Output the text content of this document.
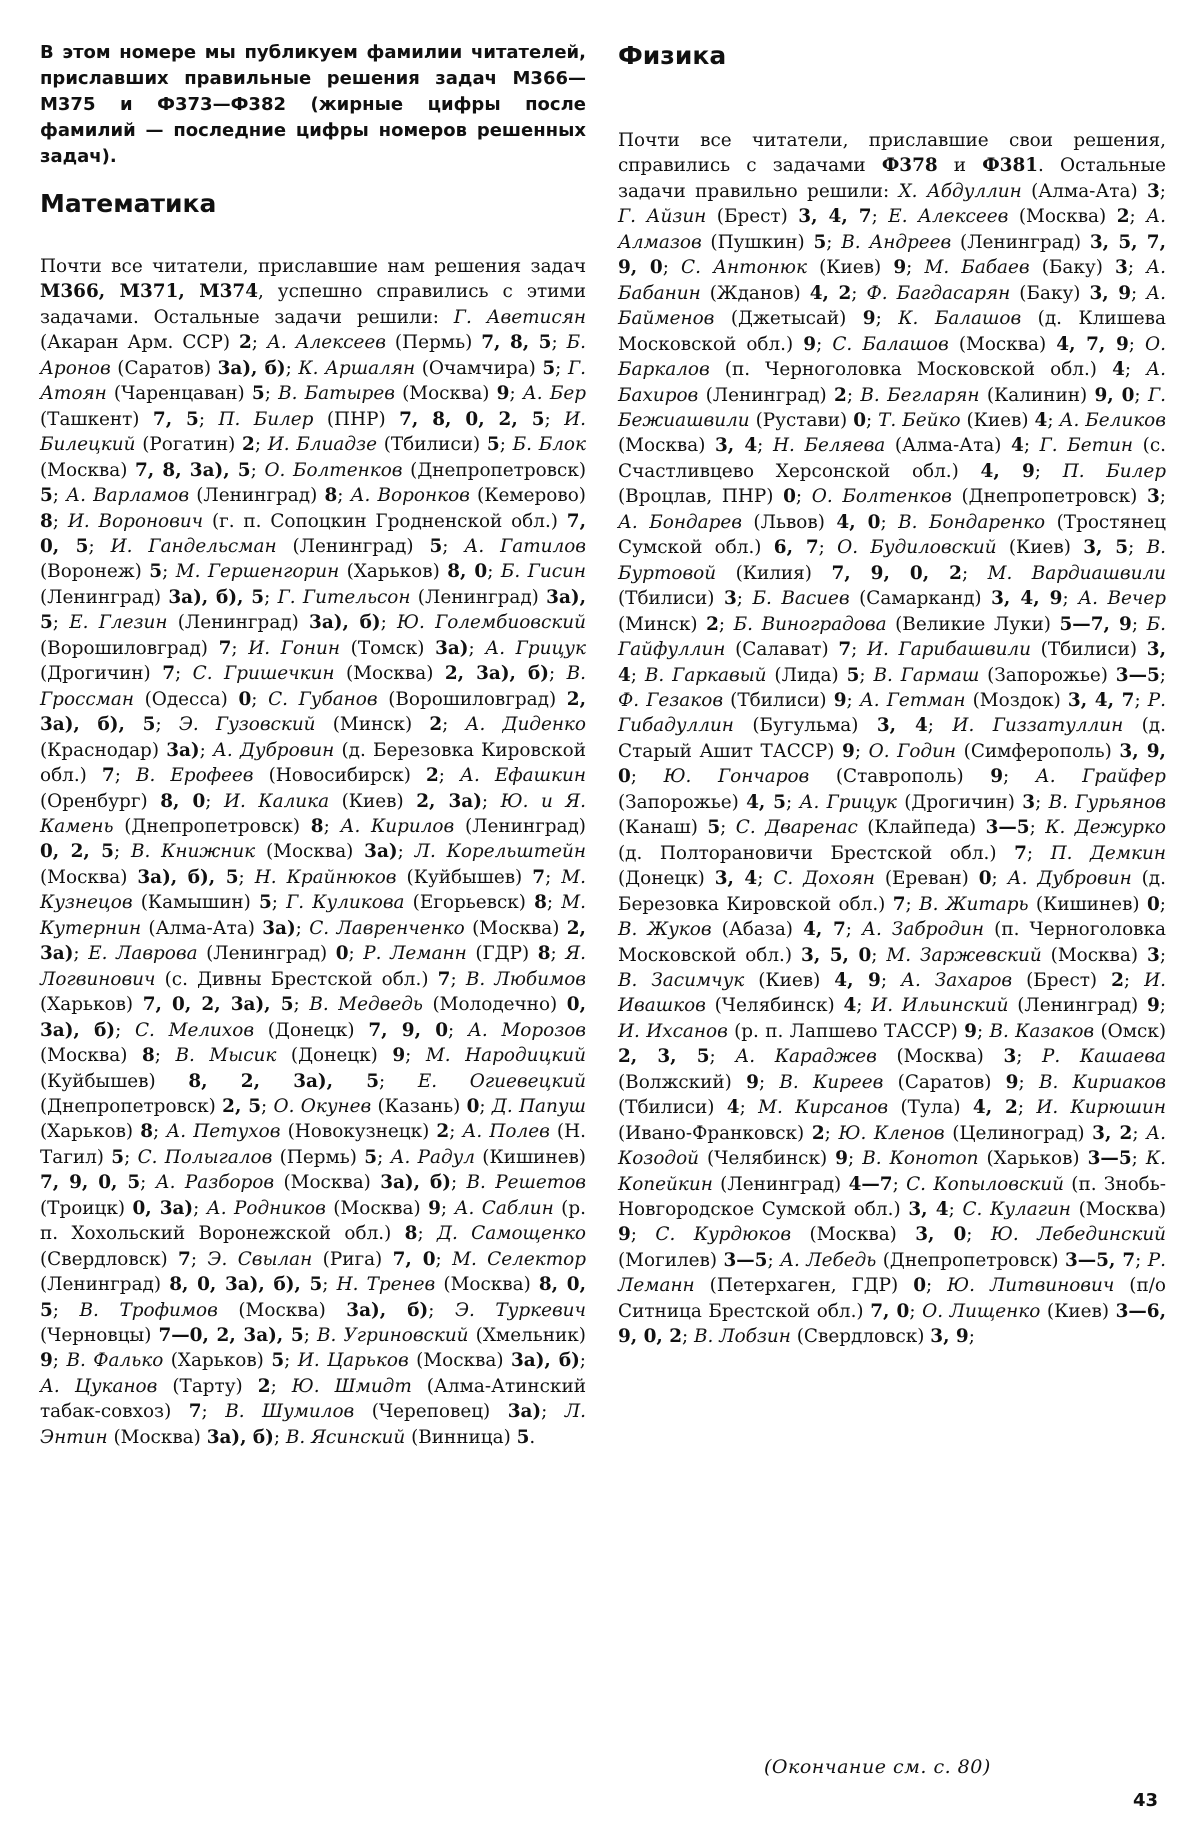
В этом номере мы публикуем фамилии читателей, приславших правильные решения задач М366—М375 и Ф373—Ф382 (жирные цифры после фамилий — последние цифры номеров решенных задач).

Математика

Почти все читатели, приславшие нам решения задач М366, М371, М374, успешно справились с этими задачами. Остальные задачи решили: Г. Аветисян (Акаран Арм. ССР) 2; А. Алексеев (Пермь) 7, 8, 5; Б. Аронов (Саратов) 3а), б); К. Аршалян (Очамчира) 5; Г. Атоян (Чаренцаван) 5; В. Батырев (Москва) 9; А. Бер (Ташкент) 7, 5; П. Билер (ПНР) 7, 8, 0, 2, 5; И. Билецкий (Рогатин) 2; И. Блиадзе (Тбилиси) 5; Б. Блок (Москва) 7, 8, 3а), 5; О. Болтенков (Днепропетровск) 5; А. Варламов (Ленинград) 8; А. Воронков (Кемерово) 8; И. Воронович (г. п. Сопоцкин Гродненской обл.) 7, 0, 5; И. Гандельсман (Ленинград) 5; А. Гатилов (Воронеж) 5; М. Гершенгорин (Харьков) 8, 0; Б. Гисин (Ленинград) 3а), б), 5; Г. Гительсон (Ленинград) 3а), 5; Е. Глезин (Ленинград) 3а), б); Ю. Голембиовский (Ворошиловград) 7; И. Гонин (Томск) 3а); А. Грицук (Дрогичин) 7; С. Гришечкин (Москва) 2, 3а), б); В. Гроссман (Одесса) 0; С. Губанов (Ворошиловград) 2, 3а), б), 5; Э. Гузовский (Минск) 2; А. Диденко (Краснодар) 3а); А. Дубровин (д. Березовка Кировской обл.) 7; В. Ерофеев (Новосибирск) 2; А. Ефашкин (Оренбург) 8, 0; И. Калика (Киев) 2, 3а); Ю. и Я. Камень (Днепропетровск) 8; А. Кирилов (Ленинград) 0, 2, 5; В. Книжник (Москва) 3а); Л. Корельштейн (Москва) 3а), б), 5; Н. Крайнюков (Куйбышев) 7; М. Кузнецов (Камышин) 5; Г. Куликова (Егорьевск) 8; М. Кутернин (Алма-Ата) 3а); С. Лавренченко (Москва) 2, 3а); Е. Лаврова (Ленинград) 0; Р. Леманн (ГДР) 8; Я. Логвинович (с. Дивны Брестской обл.) 7; В. Любимов (Харьков) 7, 0, 2, 3а), 5; В. Медведь (Молодечно) 0, 3а), б); С. Мелихов (Донецк) 7, 9, 0; А. Морозов (Москва) 8; В. Мысик (Донецк) 9; М. Народицкий (Куйбышев) 8, 2, 3а), 5; Е. Огиевецкий (Днепропетровск) 2, 5; О. Окунев (Казань) 0; Д. Папуш (Харьков) 8; А. Петухов (Новокузнецк) 2; А. Полев (Н. Тагил) 5; С. Полыгалов (Пермь) 5; А. Радул (Кишинев) 7, 9, 0, 5; А. Разборов (Москва) 3а), б); В. Решетов (Троицк) 0, 3а); А. Родников (Москва) 9; А. Саблин (р. п. Хохольский Воронежской обл.) 8; Д. Самощенко (Свердловск) 7; Э. Свылан (Рига) 7, 0; М. Селектор (Ленинград) 8, 0, 3а), б), 5; Н. Тренев (Москва) 8, 0, 5; В. Трофимов (Москва) 3а), б); Э. Туркевич (Черновцы) 7—0, 2, 3а), 5; В. Угриновский (Хмельник) 9; В. Фалько (Харьков) 5; И. Царьков (Москва) 3а), б); А. Цуканов (Тарту) 2; Ю. Шмидт (Алма-Атинский табак-совхоз) 7; В. Шумилов (Череповец) 3а); Л. Энтин (Москва) 3а), б); В. Ясинский (Винница) 5.

Физика

Почти все читатели, приславшие свои решения, справились с задачами Ф378 и Ф381. Остальные задачи правильно решили: Х. Абдуллин (Алма-Ата) 3; Г. Айзин (Брест) 3, 4, 7; Е. Алексеев (Москва) 2; А. Алмазов (Пушкин) 5; В. Андреев (Ленинград) 3, 5, 7, 9, 0; С. Антонюк (Киев) 9; М. Бабаев (Баку) 3; А. Бабанин (Жданов) 4, 2; Ф. Багдасарян (Баку) 3, 9; А. Байменов (Джетысай) 9; К. Балашов (д. Клишева Московской обл.) 9; С. Балашов (Москва) 4, 7, 9; О. Баркалов (п. Черноголовка Московской обл.) 4; А. Бахиров (Ленинград) 2; В. Бегларян (Калинин) 9, 0; Г. Бежиашвили (Рустави) 0; Т. Бейко (Киев) 4; А. Беликов (Москва) 3, 4; Н. Беляева (Алма-Ата) 4; Г. Бетин (с. Счастливцево Херсонской обл.) 4, 9; П. Билер (Вроцлав, ПНР) 0; О. Болтенков (Днепропетровск) 3; А. Бондарев (Львов) 4, 0; В. Бондаренко (Тростянец Сумской обл.) 6, 7; О. Будиловский (Киев) 3, 5; В. Буртовой (Килия) 7, 9, 0, 2; М. Вардиашвили (Тбилиси) 3; Б. Васиев (Самарканд) 3, 4, 9; А. Вечер (Минск) 2; Б. Виноградова (Великие Луки) 5—7, 9; Б. Гайфуллин (Салават) 7; И. Гарибашвили (Тбилиси) 3, 4; В. Гаркавый (Лида) 5; В. Гармаш (Запорожье) 3—5; Ф. Гезаков (Тбилиси) 9; А. Гетман (Моздок) 3, 4, 7; Р. Гибадуллин (Бугульма) 3, 4; И. Гиззатуллин (д. Старый Ашит ТАССР) 9; О. Годин (Симферополь) 3, 9, 0; Ю. Гончаров (Ставрополь) 9; А. Грайфер (Запорожье) 4, 5; А. Грицук (Дрогичин) 3; В. Гурьянов (Канаш) 5; С. Дваренас (Клайпеда) 3—5; К. Дежурко (д. Полторановичи Брестской обл.) 7; П. Демкин (Донецк) 3, 4; С. Дохоян (Ереван) 0; А. Дубровин (д. Березовка Кировской обл.) 7; В. Житарь (Кишинев) 0; В. Жуков (Абаза) 4, 7; А. Забродин (п. Черноголовка Московской обл.) 3, 5, 0; М. Заржевский (Москва) 3; В. Засимчук (Киев) 4, 9; А. Захаров (Брест) 2; И. Ивашков (Челябинск) 4; И. Ильинский (Ленинград) 9; И. Ихсанов (р. п. Лапшево ТАССР) 9; В. Казаков (Омск) 2, 3, 5; А. Караджев (Москва) 3; Р. Кашаева (Волжский) 9; В. Киреев (Саратов) 9; В. Кириаков (Тбилиси) 4; М. Кирсанов (Тула) 4, 2; И. Кирюшин (Ивано-Франковск) 2; Ю. Кленов (Целиноград) 3, 2; А. Козодой (Челябинск) 9; В. Конотоп (Харьков) 3—5; К. Копейкин (Ленинград) 4—7; С. Копыловский (п. Знобь-Новгородское Сумской обл.) 3, 4; С. Кулагин (Москва) 9; С. Курдюков (Москва) 3, 0; Ю. Лебединский (Могилев) 3—5; А. Лебедь (Днепропетровск) 3—5, 7; Р. Леманн (Петерхаген, ГДР) 0; Ю. Литвинович (п/о Ситница Брестской обл.) 7, 0; О. Лищенко (Киев) 3—6, 9, 0, 2; В. Лобзин (Свердловск) 3, 9;

(Окончание см. с. 80)
43
